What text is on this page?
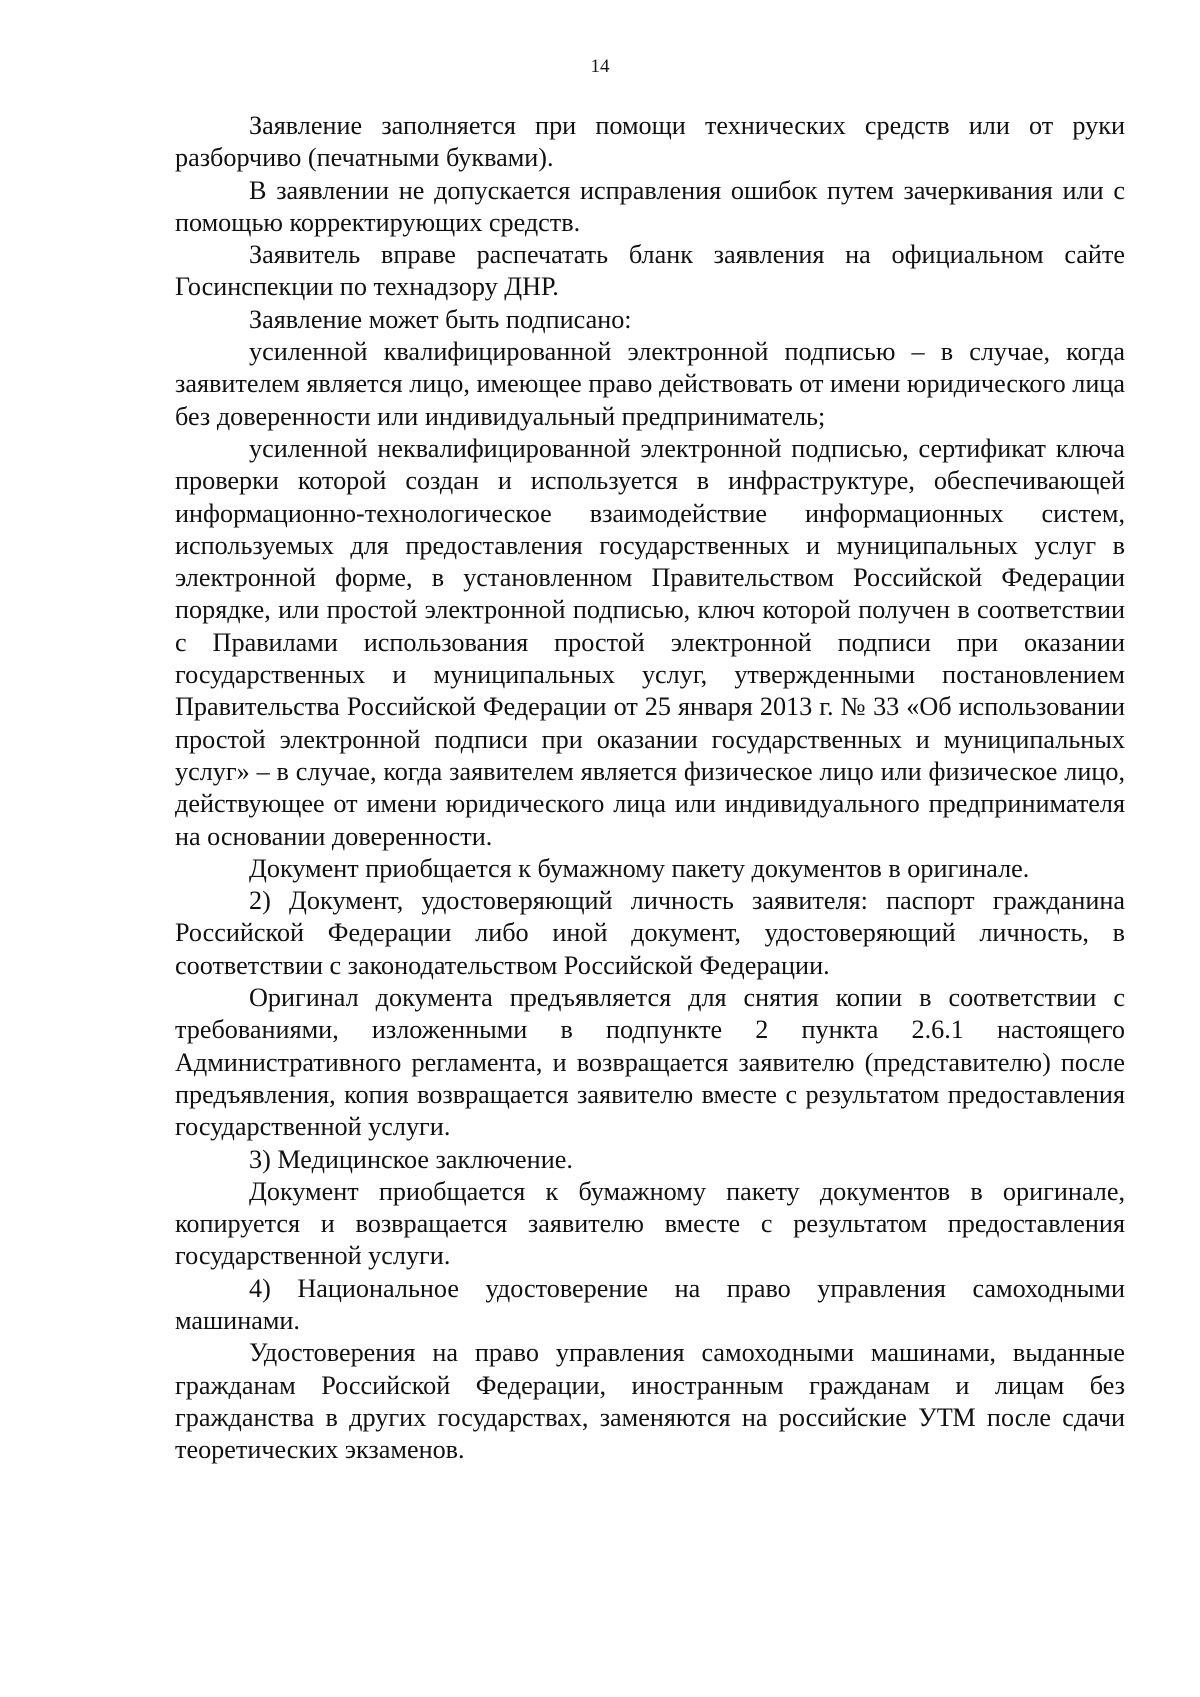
14

Заявление заполняется при помощи технических средств или от руки разборчиво (печатными буквами).

В заявлении не допускается исправления ошибок путем зачеркивания или с помощью корректирующих средств.

Заявитель вправе распечатать бланк заявления на официальном сайте Госинспекции по технадзору ДНР.

Заявление может быть подписано:

усиленной квалифицированной электронной подписью – в случае, когда заявителем является лицо, имеющее право действовать от имени юридического лица без доверенности или индивидуальный предприниматель;

усиленной неквалифицированной электронной подписью, сертификат ключа проверки которой создан и используется в инфраструктуре, обеспечивающей информационно-технологическое взаимодействие информационных систем, используемых для предоставления государственных и муниципальных услуг в электронной форме, в установленном Правительством Российской Федерации порядке, или простой электронной подписью, ключ которой получен в соответствии с Правилами использования простой электронной подписи при оказании государственных и муниципальных услуг, утвержденными постановлением Правительства Российской Федерации от 25 января 2013 г. № 33 «Об использовании простой электронной подписи при оказании государственных и муниципальных услуг» – в случае, когда заявителем является физическое лицо или физическое лицо, действующее от имени юридического лица или индивидуального предпринимателя на основании доверенности.

Документ приобщается к бумажному пакету документов в оригинале.

2) Документ, удостоверяющий личность заявителя: паспорт гражданина Российской Федерации либо иной документ, удостоверяющий личность, в соответствии с законодательством Российской Федерации.

Оригинал документа предъявляется для снятия копии в соответствии с требованиями, изложенными в подпункте 2 пункта 2.6.1 настоящего Административного регламента, и возвращается заявителю (представителю) после предъявления, копия возвращается заявителю вместе с результатом предоставления государственной услуги.

3) Медицинское заключение.

Документ приобщается к бумажному пакету документов в оригинале, копируется и возвращается заявителю вместе с результатом предоставления государственной услуги.

4) Национальное удостоверение на право управления самоходными машинами.

Удостоверения на право управления самоходными машинами, выданные гражданам Российской Федерации, иностранным гражданам и лицам без гражданства в других государствах, заменяются на российские УТМ после сдачи теоретических экзаменов.
